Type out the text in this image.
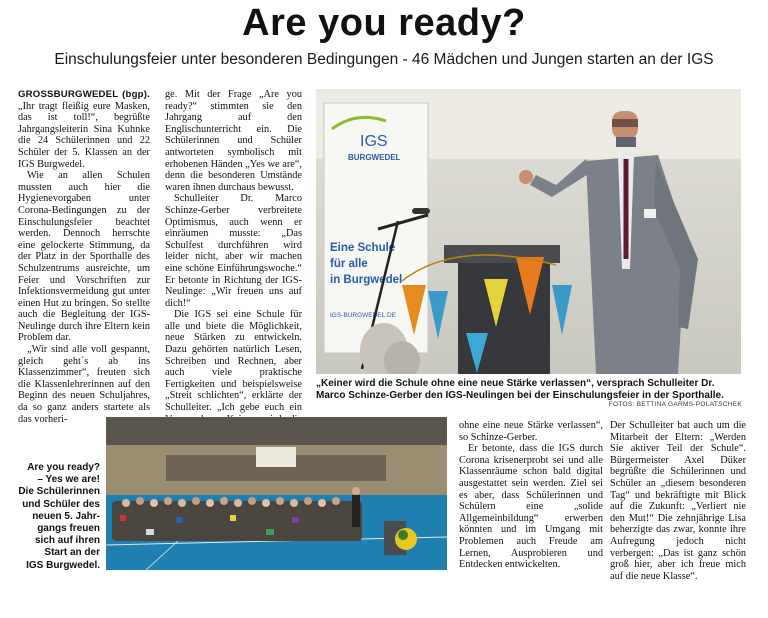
Are you ready?
Einschulungsfeier unter besonderen Bedingungen - 46 Mädchen und Jungen starten an der IGS

GROSSBURGWEDEL (bgp). „Ihr tragt fleißig eure Masken, das ist toll!“, begrüßte Jahrgangsleiterin Sina Kuhnke die 24 Schülerinnen und 22 Schüler der 5. Klassen an der IGS Burgwedel.

Wie an allen Schulen mussten auch hier die Hygienevorgaben unter Corona-Bedingungen zu der Einschulungsfeier beachtet werden. Dennoch herrschte eine gelockerte Stimmung, da der Platz in der Sporthalle des Schulzentrums ausreichte, um Feier und Vorschriften zur Infektionsvermeidung gut unter einen Hut zu bringen. So stellte auch die Begleitung der IGS-Neulinge durch ihre Eltern kein Problem dar.

„Wir sind alle voll gespannt, gleich geht´s ab ins Klassenzimmer“, freuten sich die Klassenlehrerinnen auf den Beginn des neuen Schuljahres, da so ganz anders startete als das vorheri-

ge. Mit der Frage „Are you ready?“ stimmten sie den Jahrgang auf den Englischunterricht ein. Die Schülerinnen und Schüler antworteten symbolisch mit erhobenen Händen „Yes we are“, denn die besonderen Umstände waren ihnen durchaus bewusst.

Schulleiter Dr. Marco Schinze-Gerber verbreitete Optimismus, auch wenn er einräumen musste: „Das Schulfest durchführen wird leider nicht, aber wir machen eine schöne Einführungswoche.“ Er betonte in Richtung der IGS-Neulinge: „Wir freuen uns auf dich!“

Die IGS sei eine Schule für alle und biete die Möglichkeit, neue Stärken zu entwickeln. Dazu gehörten natürlich Lesen, Schreiben und Rechnen, aber auch viele praktische Fertigkeiten und beispielsweise „Streit schlichten“, erklärte der Schulleiter. „Ich gebe euch ein

IGS
BURGWEDEL
Eine Schule
für alle
in Burgwedel
IGS-BURGWEDEL.DE
„Keiner wird die Schule ohne eine neue Stärke verlassen“, versprach Schulleiter Dr. Marco Schinze-Gerber den IGS-Neulingen bei der Einschulungsfeier in der Sporthalle.
FOTOS: BETTINA GARMS-POLATSCHEK
Are you ready?
– Yes we are!
Die Schülerinnen
und Schüler des
neuen 5. Jahr-
gangs freuen
sich auf ihren
Start an der
IGS Burgwedel.

ohne eine neue Stärke verlassen“, so Schinze-Gerber.

Er betonte, dass die IGS durch Corona krisenerprobt sei und alle Klassenräume schon bald digital ausgestattet sein werden. Ziel sei es aber, dass Schülerinnen und Schülern eine „solide Allgemeinbildung“ erwerben könnten und im Umgang mit Problemen auch Freude am Lernen, Ausprobieren und Entdecken entwickelten.

Der Schulleiter bat auch um die Mitarbeit der Eltern: „Werden Sie aktiver Teil der Schule“. Bürgermeister Axel Düker begrüßte die Schülerinnen und Schüler an „diesem besonderen Tag“ und bekräftigte mit Blick auf die Zukunft: „Verliert nie den Mut!“ Die zehnjährige Lisa beherzigte das zwar, konnte ihre Aufregung jedoch nicht verbergen: „Das ist ganz schön groß hier, aber ich freue mich auf die neue Klasse“.
